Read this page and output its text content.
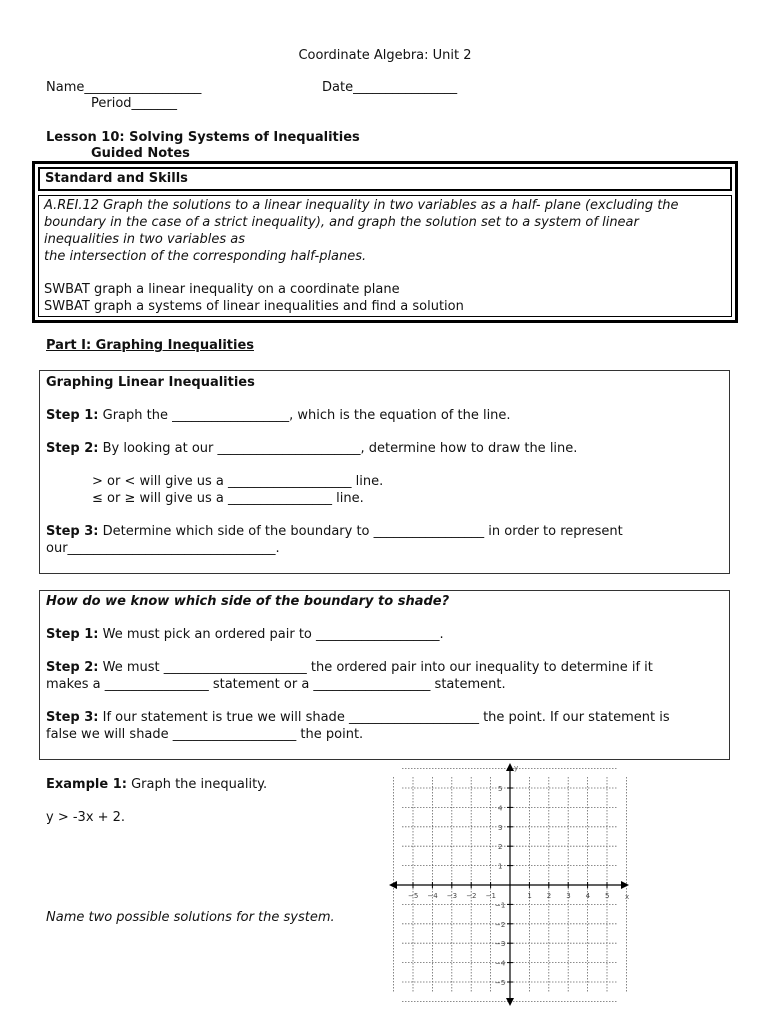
Coordinate Algebra: Unit 2
Name__________________	Date________________
Period_______
Lesson 10: Solving Systems of Inequalities
Guided Notes
Standard and Skills

A.REI.12 Graph the solutions to a linear inequality in two variables as a half- plane (excluding the

boundary in the case of a strict inequality), and graph the solution set to a system of linear

inequalities in two variables as

the intersection of the corresponding half-planes.

SWBAT graph a linear inequality on a coordinate plane

SWBAT graph a systems of linear inequalities and find a solution

Part I: Graphing Inequalities

Graphing Linear Inequalities

Step 1: Graph the __________________, which is the equation of the line.

Step 2: By looking at our ______________________, determine how to draw the line.

> or < will give us a ___________________ line.

≤ or ≥ will give us a ________________ line.

Step 3: Determine which side of the boundary to _________________ in order to represent

our________________________________.

How do we know which side of the boundary to shade?

Step 1: We must pick an ordered pair to ___________________.

Step 2: We must ______________________ the ordered pair into our inequality to determine if it

makes a ________________ statement or a __________________ statement.

Step 3: If our statement is true we will shade ____________________ the point. If our statement is

false we will shade ___________________ the point.

Example 1: Graph the inequality.
y > -3x + 2.
Name two possible solutions for the system.
x
y
−5 −4 −3 −2 −1	1 2 3 4 5
5
4
3
2
1
−1
−2
−3
−4
−5
